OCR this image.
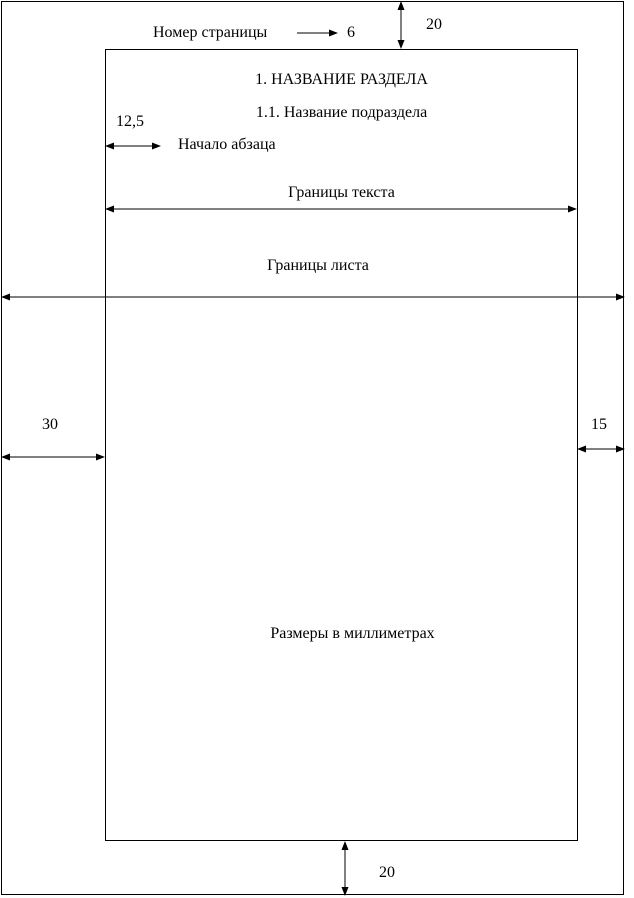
Номер страницы	6	20
1. НАЗВАНИЕ РАЗДЕЛА
1.1. Название подраздела
12,5
Начало абзаца
Границы текста
Границы листа
30	15
Размеры в миллиметрах
20
